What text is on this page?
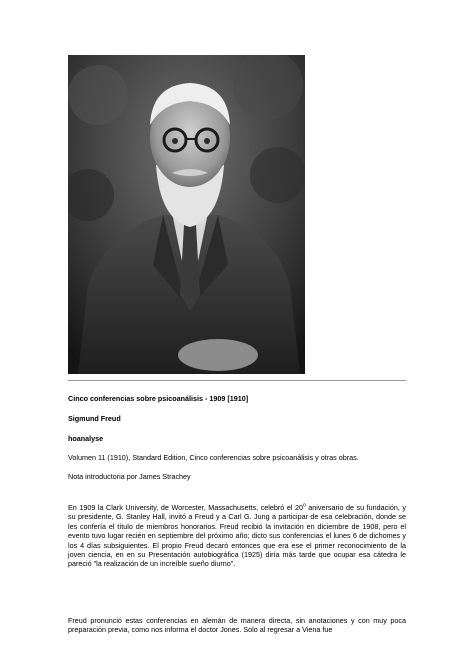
Cinco conferencias sobre psicoanálisis - 1909 [1910]
Sigmund Freud
hoanalyse
Volumen 11 (1910), Standard Edition, Cinco conferencias sobre psicoanálisis y otras obras.
Nota introductoria por James Strachey
En 1909 la Clark University, de Worcester, Massachusetts, celebró el 20$^o$ aniversario de su fundación, y su presidente, G. Stanley Hall, invitó a Freud y a Carl G. Jung a participar de esa celebración, donde se les confería el título de miembros honorarios. Freud recibió la invitación en diciembre de 1908, pero el evento tuvo lugar recién en septiembre del próximo año; dicto sus conferencias el lunes 6 de dichomes y los 4 días subsiguientes. El propio Freud decaró entonces que era ese el primer reconocimiento de la joven ciencia, en en su Presentación autobiográfica (1925) diría más tarde que ocupar esa cátedra le pareció "la realización de un increíble sueño diurno".
Freud pronunció estas conferencias en alemán de manera directa, sin anotaciones y con muy poca preparación previa, como nos informa el doctor Jones. Solo al regresar a Viena fue
